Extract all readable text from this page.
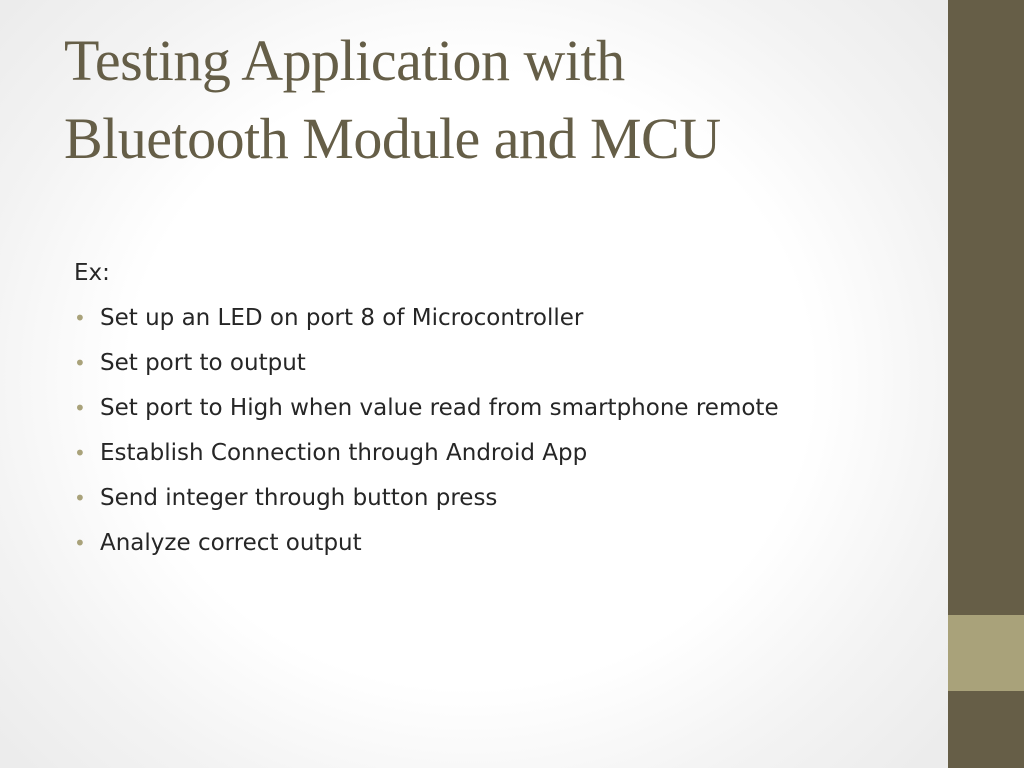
Testing Application with
Bluetooth Module and MCU
Ex:
• Set up an LED on port 8 of Microcontroller
• Set port to output
• Set port to High when value read from smartphone remote
• Establish Connection through Android App
• Send integer through button press
• Analyze correct output
